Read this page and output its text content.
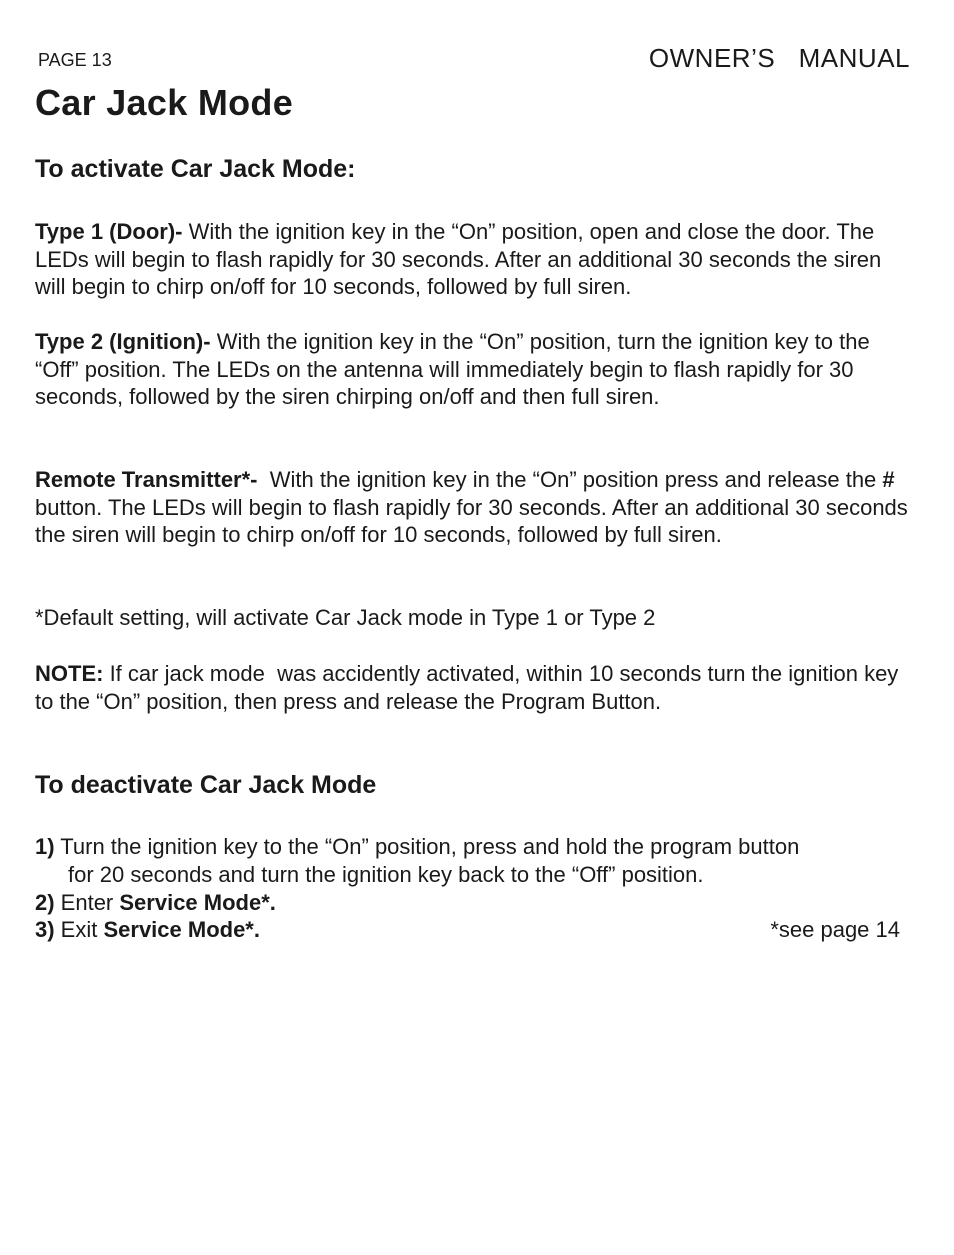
PAGE 13	OWNER’S  MANUAL
Car Jack Mode
To activate Car Jack Mode:

Type 1 (Door)- With the ignition key in the “On” position, open and close the door. The LEDs will begin to flash rapidly for 30 seconds. After an additional 30 seconds the siren will begin to chirp on/off for 10 seconds, followed by full siren.

Type 2 (Ignition)- With the ignition key in the “On” position, turn the ignition key to the “Off” position. The LEDs on the antenna will immediately begin to flash rapidly for 30 seconds, followed by the siren chirping on/off and then full siren.

Remote Transmitter*-  With the ignition key in the “On” position press and release the # button. The LEDs will begin to flash rapidly for 30 seconds. After an additional 30 seconds the siren will begin to chirp on/off for 10 seconds, followed by full siren.

*Default setting, will activate Car Jack mode in Type 1 or Type 2

NOTE: If car jack mode  was accidently activated, within 10 seconds turn the ignition key to the “On” position, then press and release the Program Button.

To deactivate Car Jack Mode

1) Turn the ignition key to the “On” position, press and hold the program button

for 20 seconds and turn the ignition key back to the “Off” position.

2) Enter Service Mode*.

3) Exit Service Mode*.	*see page 14
